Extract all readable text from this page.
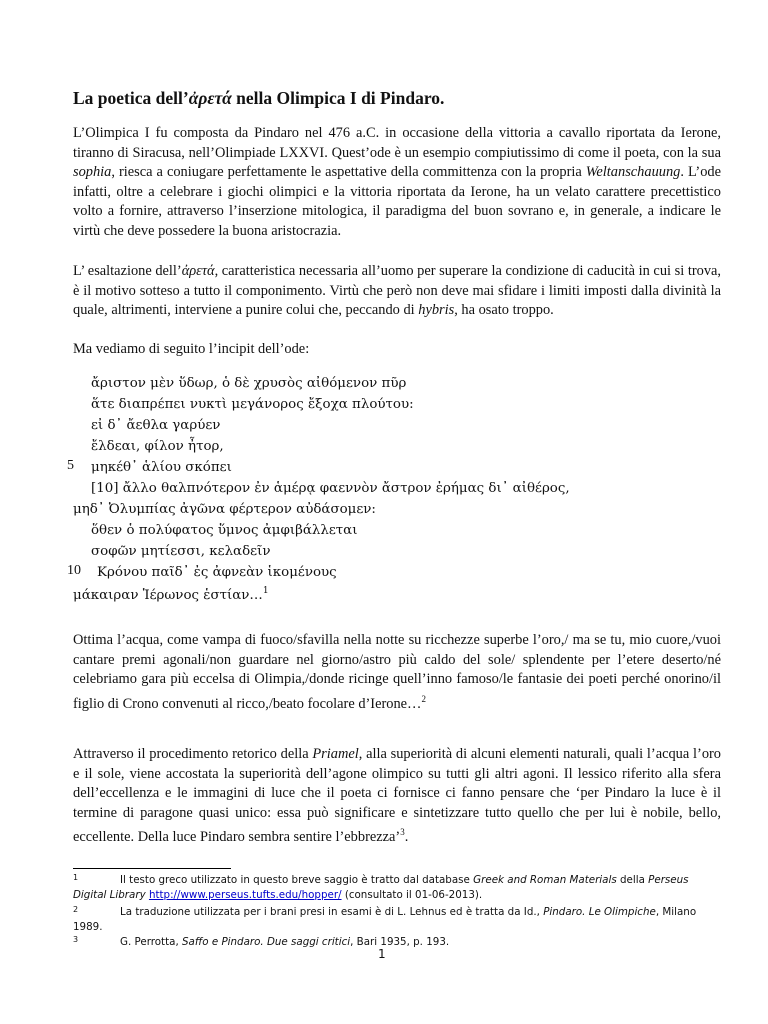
La poetica dell’ἀρετά nella Olimpica I di Pindaro.

L’Olimpica I fu composta da Pindaro nel 476 a.C. in occasione della vittoria a cavallo riportata da Ierone, tiranno di Siracusa, nell’Olimpiade LXXVI. Quest’ode è un esempio compiutissimo di come il poeta, con la sua sophia, riesca a coniugare perfettamente le aspettative della committenza con la propria Weltanschauung. L’ode infatti, oltre a celebrare i giochi olimpici e la vittoria riportata da Ierone, ha un velato carattere precettistico volto a fornire, attraverso l’inserzione mitologica, il paradigma del buon sovrano e, in generale, a indicare le virtù che deve possedere la buona aristocrazia.

L’ esaltazione dell’ἀρετά, caratteristica necessaria all’uomo per superare la condizione di caducità in cui si trova, è il motivo sotteso a tutto il componimento. Virtù che però non deve mai sfidare i limiti imposti dalla divinità la quale, altrimenti, interviene a punire colui che, peccando di hybris, ha osato troppo.

Ma vediamo di seguito l’incipit dell’ode:

ἄριστον μὲν ὕδωρ, ὁ δὲ χρυσὸς αἰθόμενον πῦρ
ἅτε διαπρέπει νυκτὶ μεγάνορος ἔξοχα πλούτου:
εἰ δ᾽ ἄεθλα γαρύεν
ἔλδεαι, φίλον ἦτορ,
5 μηκέθ᾽ ἁλίου σκόπει
[10] ἄλλο θαλπνότερον ἐν ἁμέρᾳ φαεννὸν ἄστρον ἐρήμας δι᾽ αἰθέρος,
μηδ᾽ Ὀλυμπίας ἀγῶνα φέρτερον αὐδάσομεν:
ὅθεν ὁ πολύφατος ὕμνος ἀμφιβάλλεται
σοφῶν μητίεσσι, κελαδεῖν
10 Κρόνου παῖδ᾽ ἐς ἀφνεὰν ἱκομένους
μάκαιραν Ἱέρωνος ἑστίαν…$^1$

Ottima l’acqua, come vampa di fuoco/sfavilla nella notte su ricchezze superbe l’oro,/ ma se tu, mio cuore,/vuoi cantare premi agonali/non guardare nel giorno/astro più caldo del sole/ splendente per l’etere deserto/né celebriamo gara più eccelsa di Olimpia,/donde ricinge quell’inno famoso/le fantasie dei poeti perché onorino/il figlio di Crono convenuti al ricco,/beato focolare d’Ierone…$^2$

Attraverso il procedimento retorico della Priamel, alla superiorità di alcuni elementi naturali, quali l’acqua l’oro e il sole, viene accostata la superiorità dell’agone olimpico su tutti gli altri agoni. Il lessico riferito alla sfera dell’eccellenza e le immagini di luce che il poeta ci fornisce ci fanno pensare che ‘per Pindaro la luce è il termine di paragone quasi unico: essa può significare e sintetizzare tutto quello che per lui è nobile, bello, eccellente. Della luce Pindaro sembra sentire l’ebbrezza’$^3$.

1	Il testo greco utilizzato in questo breve saggio è tratto dal database Greek and Roman Materials della Perseus Digital Library http://www.perseus.tufts.edu/hopper/ (consultato il 01-06-2013).
2	La traduzione utilizzata per i brani presi in esami è di L. Lehnus ed è tratta da Id., Pindaro. Le Olimpiche, Milano 1989.
3	G. Perrotta, Saffo e Pindaro. Due saggi critici, Bari 1935, p. 193.
1
